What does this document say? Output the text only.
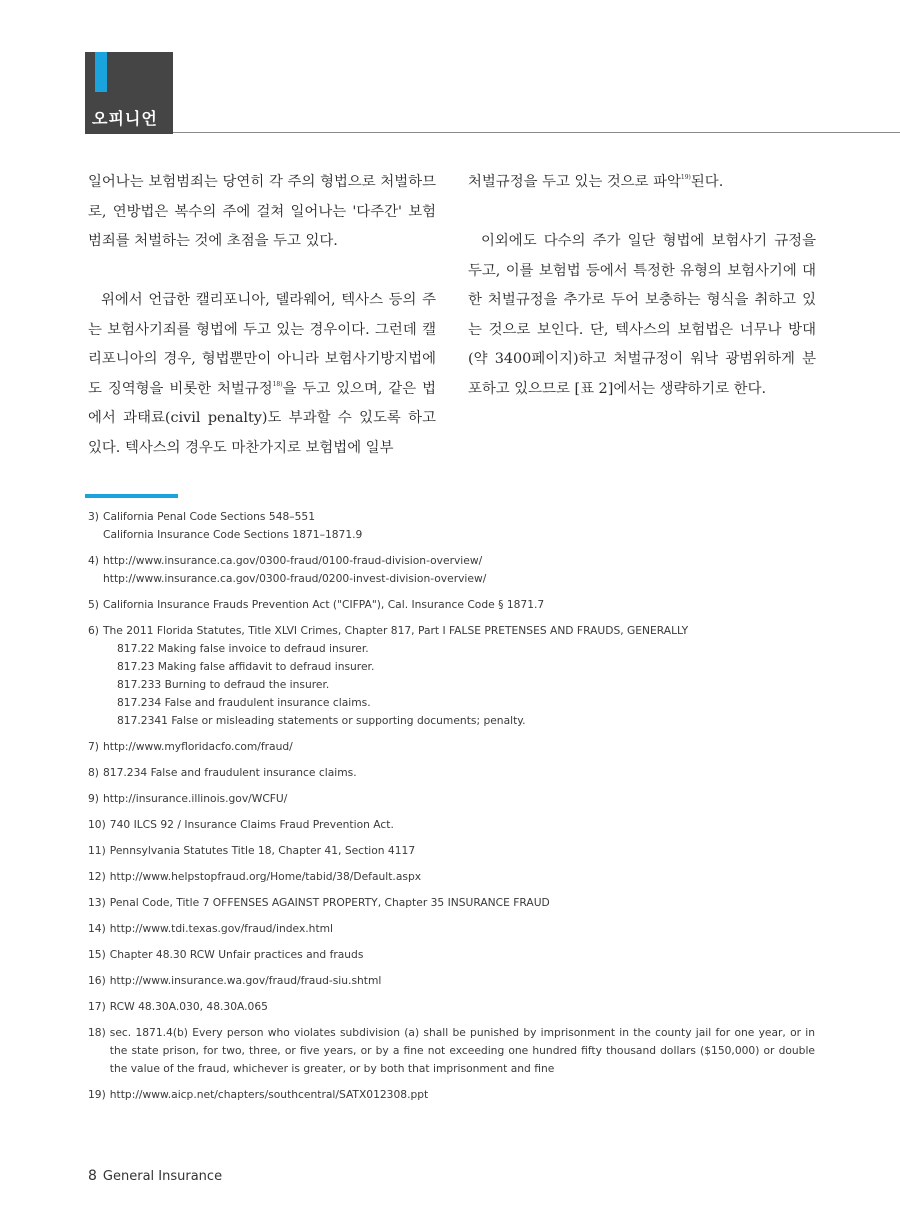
오피니언

일어나는 보험범죄는 당연히 각 주의 형법으로 처벌하므로, 연방법은 복수의 주에 걸쳐 일어나는 '다주간' 보험범죄를 처벌하는 것에 초점을 두고 있다.

위에서 언급한 캘리포니아, 델라웨어, 텍사스 등의 주는 보험사기죄를 형법에 두고 있는 경우이다. 그런데 캘리포니아의 경우, 형법뿐만이 아니라 보험사기방지법에도 징역형을 비롯한 처벌규정$^{18)}$을 두고 있으며, 같은 법에서 과태료(civil penalty)도 부과할 수 있도록 하고 있다. 텍사스의 경우도 마찬가지로 보험법에 일부

처벌규정을 두고 있는 것으로 파악$^{19)}$된다.

이외에도 다수의 주가 일단 형법에 보험사기 규정을 두고, 이를 보험법 등에서 특정한 유형의 보험사기에 대한 처벌규정을 추가로 두어 보충하는 형식을 취하고 있는 것으로 보인다. 단, 텍사스의 보험법은 너무나 방대(약 3400페이지)하고 처벌규정이 워낙 광범위하게 분포하고 있으므로 [표 2]에서는 생략하기로 한다.

3) California Penal Code Sections 548–551
California Insurance Code Sections 1871–1871.9
4) http://www.insurance.ca.gov/0300-fraud/0100-fraud-division-overview/
http://www.insurance.ca.gov/0300-fraud/0200-invest-division-overview/
5) California Insurance Frauds Prevention Act ("CIFPA"), Cal. Insurance Code § 1871.7
6) The 2011 Florida Statutes, Title XLVI Crimes, Chapter 817, Part I FALSE PRETENSES AND FRAUDS, GENERALLY
817.22 Making false invoice to defraud insurer.
817.23 Making false affidavit to defraud insurer.
817.233 Burning to defraud the insurer.
817.234 False and fraudulent insurance claims.
817.2341 False or misleading statements or supporting documents; penalty.
7) http://www.myfloridacfo.com/fraud/
8) 817.234 False and fraudulent insurance claims.
9) http://insurance.illinois.gov/WCFU/
10) 740 ILCS 92 / Insurance Claims Fraud Prevention Act.
11) Pennsylvania Statutes Title 18, Chapter 41, Section 4117
12) http://www.helpstopfraud.org/Home/tabid/38/Default.aspx
13) Penal Code, Title 7 OFFENSES AGAINST PROPERTY, Chapter 35 INSURANCE FRAUD
14) http://www.tdi.texas.gov/fraud/index.html
15) Chapter 48.30 RCW Unfair practices and frauds
16) http://www.insurance.wa.gov/fraud/fraud-siu.shtml
17) RCW 48.30A.030, 48.30A.065
18) sec. 1871.4(b) Every person who violates subdivision (a) shall be punished by imprisonment in the county jail for one year, or in the state prison, for two, three, or five years, or by a fine not exceeding one hundred fifty thousand dollars ($150,000) or double the value of the fraud, whichever is greater, or by both that imprisonment and fine
19) http://www.aicp.net/chapters/southcentral/SATX012308.ppt
8 General Insurance
